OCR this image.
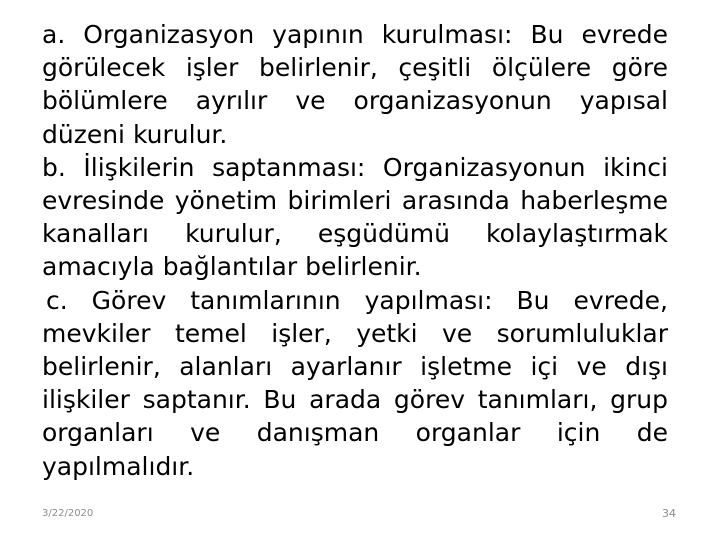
a. Organizasyon yapının kurulması: Bu evrede görülecek işler belirlenir, çeşitli ölçülere göre bölümlere ayrılır ve organizasyonun yapısal düzeni kurulur.

b. İlişkilerin saptanması: Organizasyonun ikinci evresinde yönetim birimleri arasında haberleşme kanalları kurulur, eşgüdümü kolaylaştırmak amacıyla bağlantılar belirlenir.

c. Görev tanımlarının yapılması: Bu evrede, mevkiler temel işler, yetki ve sorumluluklar belirlenir, alanları ayarlanır işletme içi ve dışı ilişkiler saptanır. Bu arada görev tanımları, grup organları ve danışman organlar için de yapılmalıdır.

3/22/2020	34
